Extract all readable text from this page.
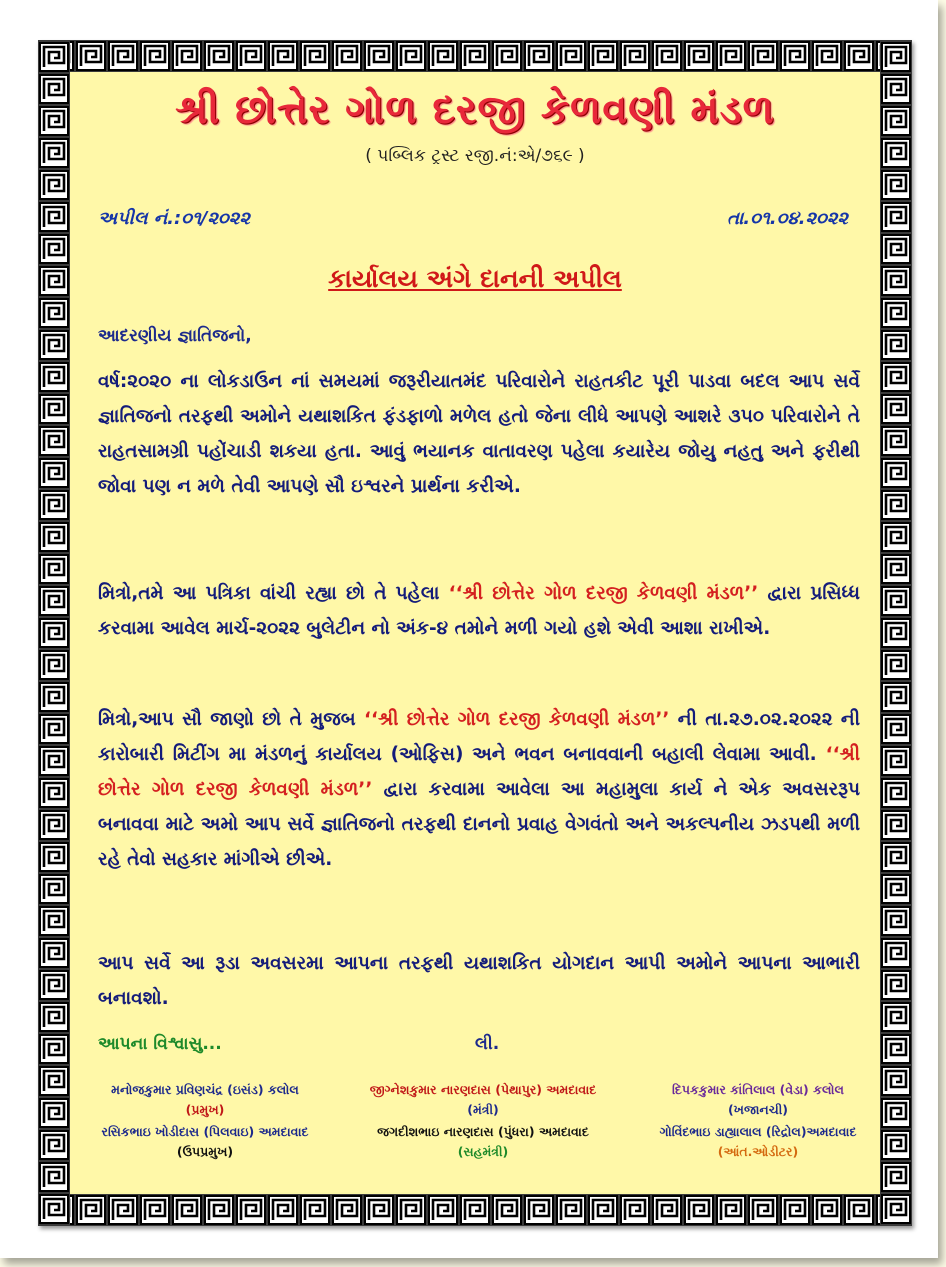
શ્રી છોત્તેર ગોળ દરજી કેળવણી મંડળ
( પબ્લિક ટ્રસ્ટ રજી.નં:એ/૭૬૯ )
અપીલ નં.:૦૧/૨૦૨૨	તા.૦૧.૦૪.૨૦૨૨
કાર્યાલય અંગે દાનની અપીલ
આદરણીય જ્ઞાતિજનો,
વર્ષ:૨૦૨૦ ના લોકડાઉન નાં સમયમાં જરૂરીયાતમંદ પરિવારોને રાહતકીટ પૂરી પાડવા બદલ આપ સર્વે જ્ઞાતિજનો તરફથી અમોને યથાશકિત ફંડફાળો મળેલ હતો જેના લીધે આપણે આશરે ૩૫૦ પરિવારોને તે રાહતસામગ્રી પહોંચાડી શકયા હતા. આવું ભયાનક વાતાવરણ પહેલા કયારેય જોયુ નહતુ અને ફરીથી જોવા પણ ન મળે તેવી આપણે સૌ ઇશ્વરને પ્રાર્થના કરીએ.
મિત્રો,તમે આ પત્રિકા વાંચી રહ્યા છો તે પહેલા ‘‘શ્રી છોત્તેર ગોળ દરજી કેળવણી મંડળ’’ દ્વારા પ્રસિધ્ધ કરવામા આવેલ માર્ચ-૨૦૨૨ બુલેટીન નો અંક-૪ તમોને મળી ગયો હશે એવી આશા રાખીએ.
મિત્રો,આપ સૌ જાણો છો તે મુજબ ‘‘શ્રી છોત્તેર ગોળ દરજી કેળવણી મંડળ’’ ની તા.૨૭.૦૨.૨૦૨૨ ની કારોબારી મિટીંગ મા મંડળનું કાર્યાલય (ઓફિસ) અને ભવન બનાવવાની બહાલી લેવામા આવી. ‘‘શ્રી છોત્તેર ગોળ દરજી કેળવણી મંડળ’’ દ્વારા કરવામા આવેલા આ મહામુલા કાર્ય ને એક અવસરરૂપ બનાવવા માટે અમો આપ સર્વે જ્ઞાતિજનો તરફથી દાનનો પ્રવાહ વેગવંતો અને અકલ્પનીય ઝડપથી મળી રહે તેવો સહકાર માંગીએ છીએ.
આપ સર્વે આ રૂડા અવસરમા આપના તરફથી યથાશકિત યોગદાન આપી અમોને આપના આભારી બનાવશો.
આપના વિશ્વાસુ...	લી.
મનોજકુમાર પ્રવિણચંદ્ર (ઇસંડ) કલોલ
(પ્રમુખ)
જીગ્નેશકુમાર નારણદાસ (પેથાપુર) અમદાવાદ
(મંત્રી)
દિપકકુમાર કાંતિલાલ (વેડા) કલોલ
(ખજાનચી)
રસિકભાઇ ખોડીદાસ (પિલવાઇ) અમદાવાદ
(ઉપપ્રમુખ)
જગદીશભાઇ નારણદાસ (પુંધરા) અમદાવાદ
(સહમંત્રી)
ગોવિંદભાઇ ડાહ્યાલાલ (રિદ્રોલ)અમદાવાદ
(આંત.ઓડીટર)
